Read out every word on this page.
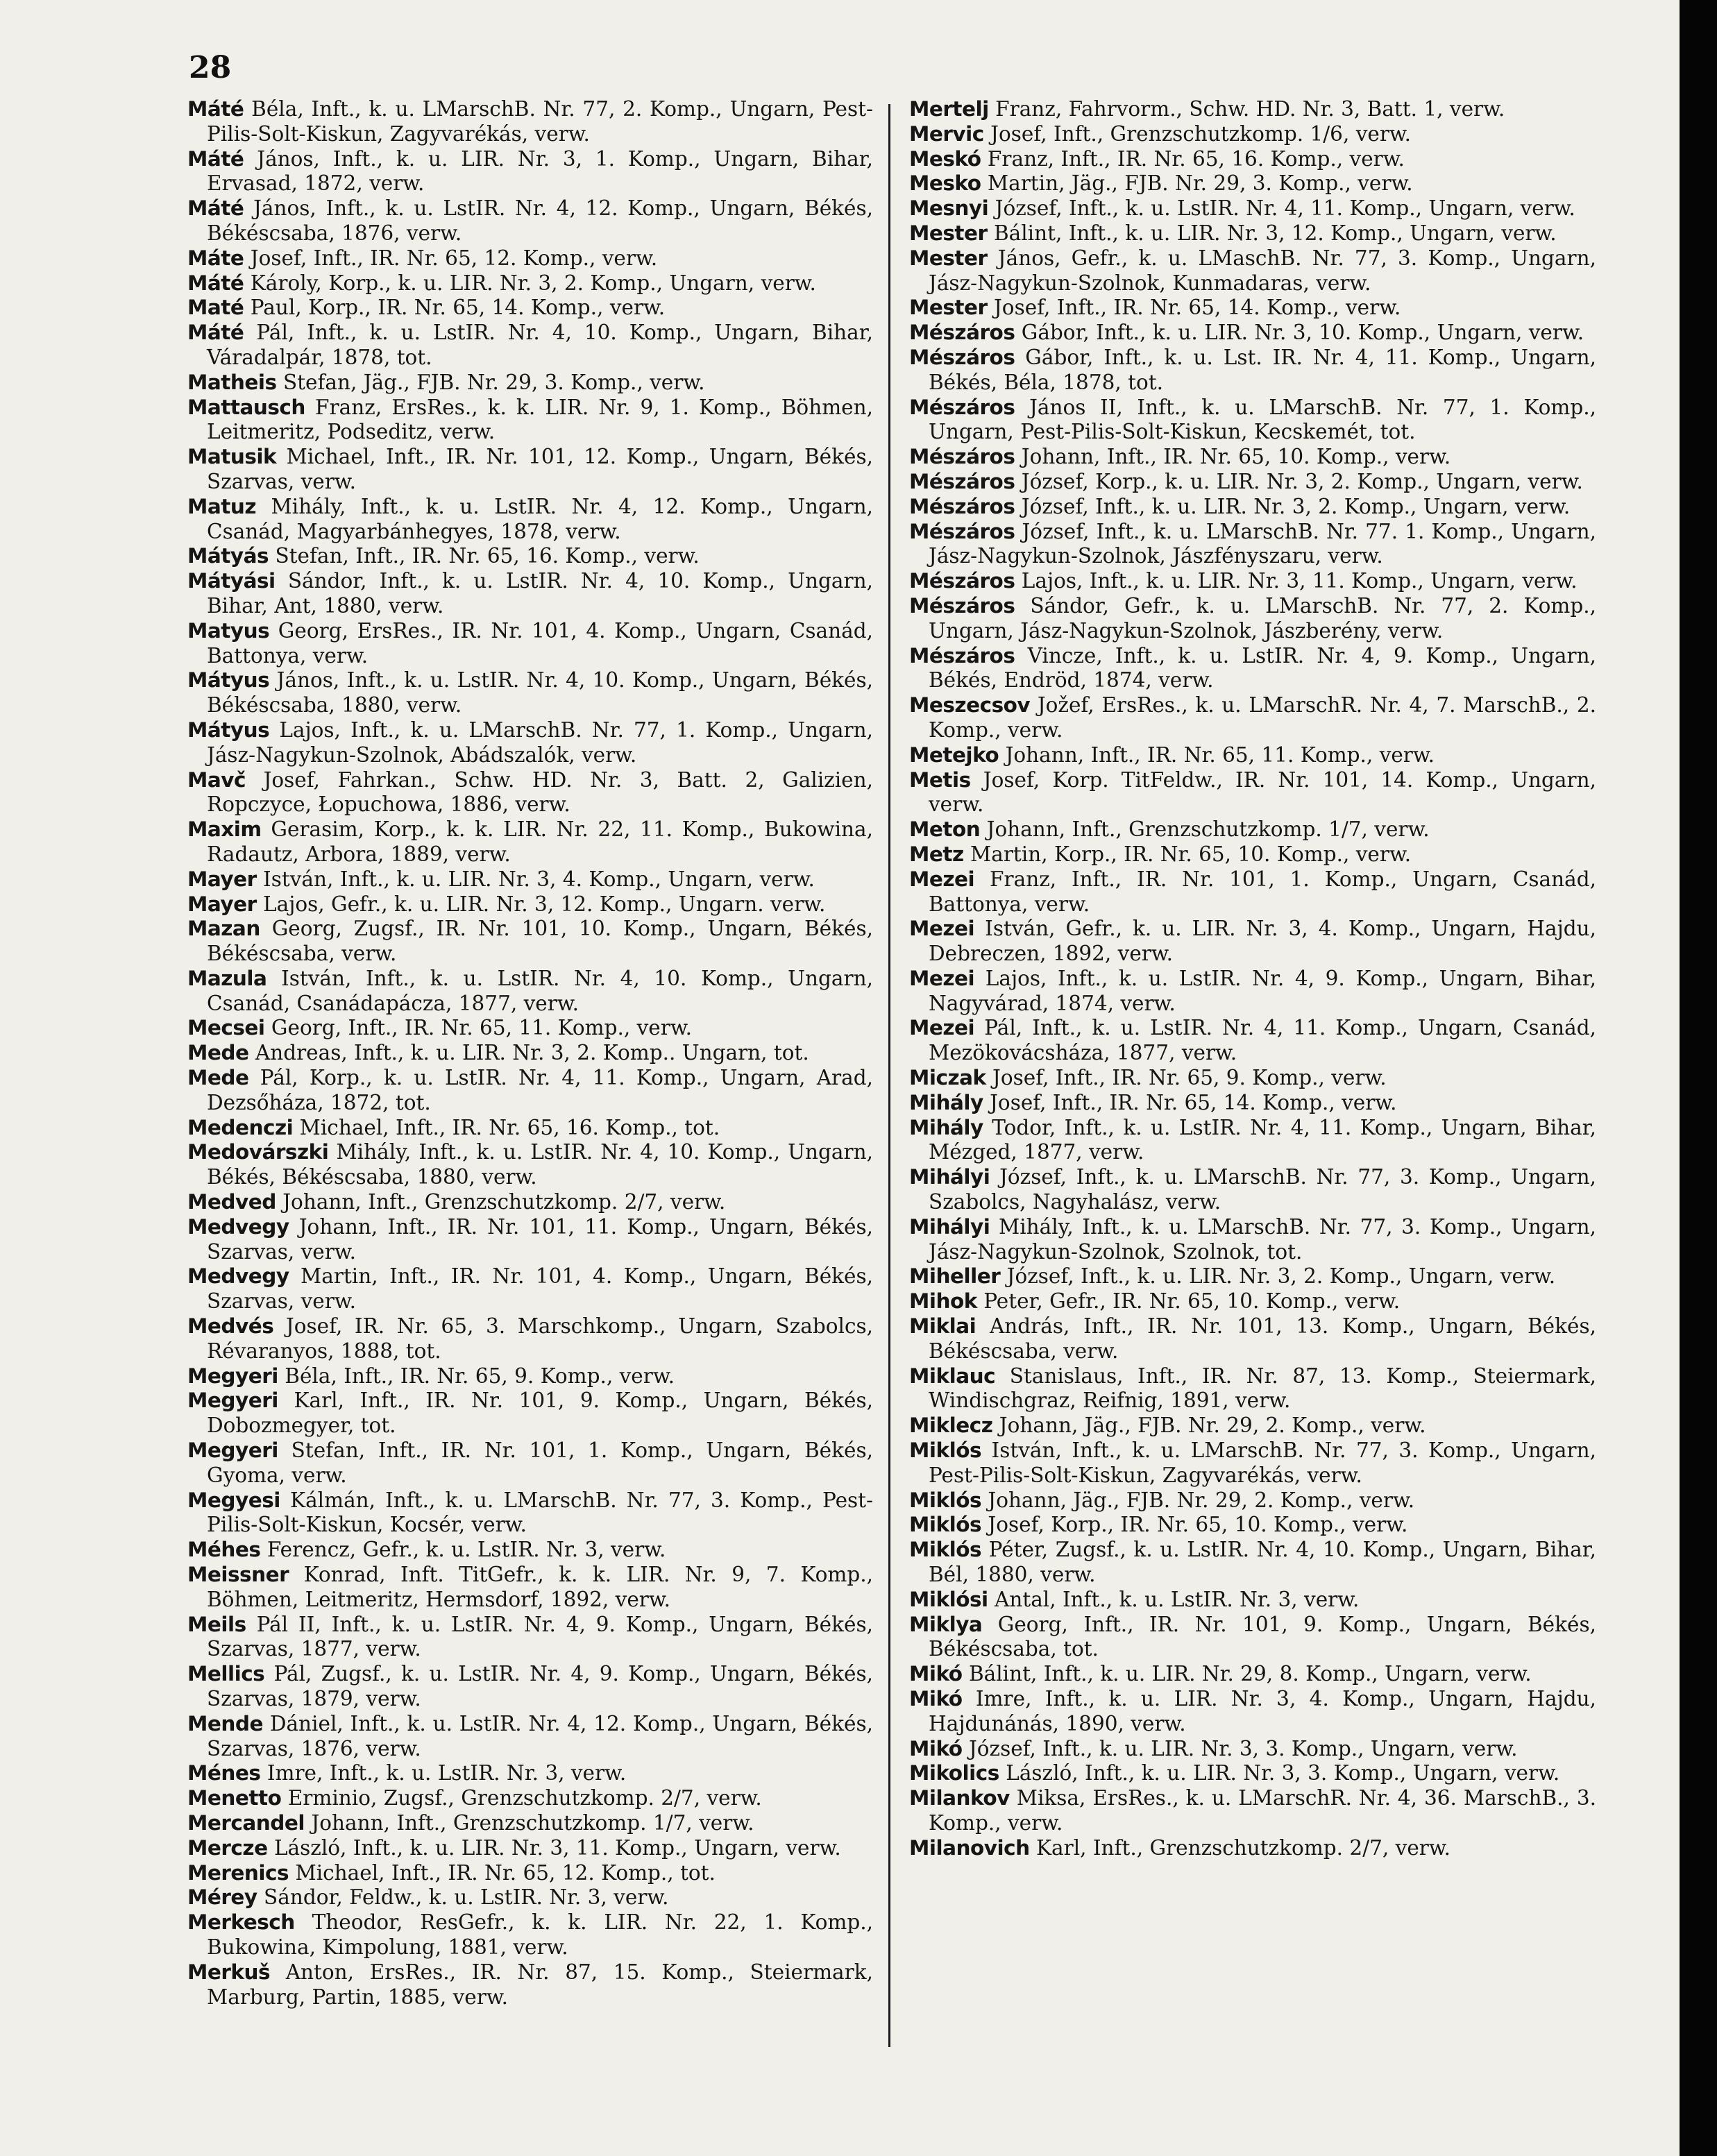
28
Máté Béla, Inft., k. u. LMarschB. Nr. 77, 2. Komp., Ungarn, Pest-Pilis-Solt-Kiskun, Zagyvarékás, verw.
Máté János, Inft., k. u. LIR. Nr. 3, 1. Komp., Ungarn, Bihar, Ervasad, 1872, verw.
Máté János, Inft., k. u. LstIR. Nr. 4, 12. Komp., Ungarn, Békés, Békéscsaba, 1876, verw.
Máte Josef, Inft., IR. Nr. 65, 12. Komp., verw.
Máté Károly, Korp., k. u. LIR. Nr. 3, 2. Komp., Ungarn, verw.
Maté Paul, Korp., IR. Nr. 65, 14. Komp., verw.
Máté Pál, Inft., k. u. LstIR. Nr. 4, 10. Komp., Ungarn, Bihar, Váradalpár, 1878, tot.
Matheis Stefan, Jäg., FJB. Nr. 29, 3. Komp., verw.
Mattausch Franz, ErsRes., k. k. LIR. Nr. 9, 1. Komp., Böhmen, Leitmeritz, Podseditz, verw.
Matusik Michael, Inft., IR. Nr. 101, 12. Komp., Ungarn, Békés, Szarvas, verw.
Matuz Mihály, Inft., k. u. LstIR. Nr. 4, 12. Komp., Ungarn, Csanád, Magyarbánhegyes, 1878, verw.
Mátyás Stefan, Inft., IR. Nr. 65, 16. Komp., verw.
Mátyási Sándor, Inft., k. u. LstIR. Nr. 4, 10. Komp., Ungarn, Bihar, Ant, 1880, verw.
Matyus Georg, ErsRes., IR. Nr. 101, 4. Komp., Ungarn, Csanád, Battonya, verw.
Mátyus János, Inft., k. u. LstIR. Nr. 4, 10. Komp., Ungarn, Békés, Békéscsaba, 1880, verw.
Mátyus Lajos, Inft., k. u. LMarschB. Nr. 77, 1. Komp., Ungarn, Jász-Nagykun-Szolnok, Abádszalók, verw.
Mavč Josef, Fahrkan., Schw. HD. Nr. 3, Batt. 2, Galizien, Ropczyce, Łopuchowa, 1886, verw.
Maxim Gerasim, Korp., k. k. LIR. Nr. 22, 11. Komp., Bukowina, Radautz, Arbora, 1889, verw.
Mayer István, Inft., k. u. LIR. Nr. 3, 4. Komp., Ungarn, verw.
Mayer Lajos, Gefr., k. u. LIR. Nr. 3, 12. Komp., Ungarn. verw.
Mazan Georg, Zugsf., IR. Nr. 101, 10. Komp., Ungarn, Békés, Békéscsaba, verw.
Mazula István, Inft., k. u. LstIR. Nr. 4, 10. Komp., Ungarn, Csanád, Csanádapácza, 1877, verw.
Mecsei Georg, Inft., IR. Nr. 65, 11. Komp., verw.
Mede Andreas, Inft., k. u. LIR. Nr. 3, 2. Komp.. Ungarn, tot.
Mede Pál, Korp., k. u. LstIR. Nr. 4, 11. Komp., Ungarn, Arad, Dezsőháza, 1872, tot.
Medenczi Michael, Inft., IR. Nr. 65, 16. Komp., tot.
Medovárszki Mihály, Inft., k. u. LstIR. Nr. 4, 10. Komp., Ungarn, Békés, Békéscsaba, 1880, verw.
Medved Johann, Inft., Grenzschutzkomp. 2/7, verw.
Medvegy Johann, Inft., IR. Nr. 101, 11. Komp., Ungarn, Békés, Szarvas, verw.
Medvegy Martin, Inft., IR. Nr. 101, 4. Komp., Ungarn, Békés, Szarvas, verw.
Medvés Josef, IR. Nr. 65, 3. Marschkomp., Ungarn, Szabolcs, Révaranyos, 1888, tot.
Megyeri Béla, Inft., IR. Nr. 65, 9. Komp., verw.
Megyeri Karl, Inft., IR. Nr. 101, 9. Komp., Ungarn, Békés, Dobozmegyer, tot.
Megyeri Stefan, Inft., IR. Nr. 101, 1. Komp., Ungarn, Békés, Gyoma, verw.
Megyesi Kálmán, Inft., k. u. LMarschB. Nr. 77, 3. Komp., Pest-Pilis-Solt-Kiskun, Kocsér, verw.
Méhes Ferencz, Gefr., k. u. LstIR. Nr. 3, verw.
Meissner Konrad, Inft. TitGefr., k. k. LIR. Nr. 9, 7. Komp., Böhmen, Leitmeritz, Hermsdorf, 1892, verw.
Meils Pál II, Inft., k. u. LstIR. Nr. 4, 9. Komp., Ungarn, Békés, Szarvas, 1877, verw.
Mellics Pál, Zugsf., k. u. LstIR. Nr. 4, 9. Komp., Ungarn, Békés, Szarvas, 1879, verw.
Mende Dániel, Inft., k. u. LstIR. Nr. 4, 12. Komp., Ungarn, Békés, Szarvas, 1876, verw.
Ménes Imre, Inft., k. u. LstIR. Nr. 3, verw.
Menetto Erminio, Zugsf., Grenzschutzkomp. 2/7, verw.
Mercandel Johann, Inft., Grenzschutzkomp. 1/7, verw.
Mercze László, Inft., k. u. LIR. Nr. 3, 11. Komp., Ungarn, verw.
Merenics Michael, Inft., IR. Nr. 65, 12. Komp., tot.
Mérey Sándor, Feldw., k. u. LstIR. Nr. 3, verw.
Merkesch Theodor, ResGefr., k. k. LIR. Nr. 22, 1. Komp., Bukowina, Kimpolung, 1881, verw.
Merkuš Anton, ErsRes., IR. Nr. 87, 15. Komp., Steiermark, Marburg, Partin, 1885, verw.
Mertelj Franz, Fahrvorm., Schw. HD. Nr. 3, Batt. 1, verw.
Mervic Josef, Inft., Grenzschutzkomp. 1/6, verw.
Meskó Franz, Inft., IR. Nr. 65, 16. Komp., verw.
Mesko Martin, Jäg., FJB. Nr. 29, 3. Komp., verw.
Mesnyi József, Inft., k. u. LstIR. Nr. 4, 11. Komp., Ungarn, verw.
Mester Bálint, Inft., k. u. LIR. Nr. 3, 12. Komp., Ungarn, verw.
Mester János, Gefr., k. u. LMaschB. Nr. 77, 3. Komp., Ungarn, Jász-Nagykun-Szolnok, Kunmadaras, verw.
Mester Josef, Inft., IR. Nr. 65, 14. Komp., verw.
Mészáros Gábor, Inft., k. u. LIR. Nr. 3, 10. Komp., Ungarn, verw.
Mészáros Gábor, Inft., k. u. Lst. IR. Nr. 4, 11. Komp., Ungarn, Békés, Béla, 1878, tot.
Mészáros János II, Inft., k. u. LMarschB. Nr. 77, 1. Komp., Ungarn, Pest-Pilis-Solt-Kiskun, Kecskemét, tot.
Mészáros Johann, Inft., IR. Nr. 65, 10. Komp., verw.
Mészáros József, Korp., k. u. LIR. Nr. 3, 2. Komp., Ungarn, verw.
Mészáros József, Inft., k. u. LIR. Nr. 3, 2. Komp., Ungarn, verw.
Mészáros József, Inft., k. u. LMarschB. Nr. 77. 1. Komp., Ungarn, Jász-Nagykun-Szolnok, Jászfényszaru, verw.
Mészáros Lajos, Inft., k. u. LIR. Nr. 3, 11. Komp., Ungarn, verw.
Mészáros Sándor, Gefr., k. u. LMarschB. Nr. 77, 2. Komp., Ungarn, Jász-Nagykun-Szolnok, Jászberény, verw.
Mészáros Vincze, Inft., k. u. LstIR. Nr. 4, 9. Komp., Ungarn, Békés, Endröd, 1874, verw.
Meszecsov Jožef, ErsRes., k. u. LMarschR. Nr. 4, 7. MarschB., 2. Komp., verw.
Metejko Johann, Inft., IR. Nr. 65, 11. Komp., verw.
Metis Josef, Korp. TitFeldw., IR. Nr. 101, 14. Komp., Ungarn, verw.
Meton Johann, Inft., Grenzschutzkomp. 1/7, verw.
Metz Martin, Korp., IR. Nr. 65, 10. Komp., verw.
Mezei Franz, Inft., IR. Nr. 101, 1. Komp., Ungarn, Csanád, Battonya, verw.
Mezei István, Gefr., k. u. LIR. Nr. 3, 4. Komp., Ungarn, Hajdu, Debreczen, 1892, verw.
Mezei Lajos, Inft., k. u. LstIR. Nr. 4, 9. Komp., Ungarn, Bihar, Nagyvárad, 1874, verw.
Mezei Pál, Inft., k. u. LstIR. Nr. 4, 11. Komp., Ungarn, Csanád, Mezökovácsháza, 1877, verw.
Miczak Josef, Inft., IR. Nr. 65, 9. Komp., verw.
Mihály Josef, Inft., IR. Nr. 65, 14. Komp., verw.
Mihály Todor, Inft., k. u. LstIR. Nr. 4, 11. Komp., Ungarn, Bihar, Mézged, 1877, verw.
Mihályi József, Inft., k. u. LMarschB. Nr. 77, 3. Komp., Ungarn, Szabolcs, Nagyhalász, verw.
Mihályi Mihály, Inft., k. u. LMarschB. Nr. 77, 3. Komp., Ungarn, Jász-Nagykun-Szolnok, Szolnok, tot.
Miheller József, Inft., k. u. LIR. Nr. 3, 2. Komp., Ungarn, verw.
Mihok Peter, Gefr., IR. Nr. 65, 10. Komp., verw.
Miklai András, Inft., IR. Nr. 101, 13. Komp., Ungarn, Békés, Békéscsaba, verw.
Miklauc Stanislaus, Inft., IR. Nr. 87, 13. Komp., Steiermark, Windischgraz, Reifnig, 1891, verw.
Miklecz Johann, Jäg., FJB. Nr. 29, 2. Komp., verw.
Miklós István, Inft., k. u. LMarschB. Nr. 77, 3. Komp., Ungarn, Pest-Pilis-Solt-Kiskun, Zagyvarékás, verw.
Miklós Johann, Jäg., FJB. Nr. 29, 2. Komp., verw.
Miklós Josef, Korp., IR. Nr. 65, 10. Komp., verw.
Miklós Péter, Zugsf., k. u. LstIR. Nr. 4, 10. Komp., Ungarn, Bihar, Bél, 1880, verw.
Miklósi Antal, Inft., k. u. LstIR. Nr. 3, verw.
Miklya Georg, Inft., IR. Nr. 101, 9. Komp., Ungarn, Békés, Békéscsaba, tot.
Mikó Bálint, Inft., k. u. LIR. Nr. 29, 8. Komp., Ungarn, verw.
Mikó Imre, Inft., k. u. LIR. Nr. 3, 4. Komp., Ungarn, Hajdu, Hajdunánás, 1890, verw.
Mikó József, Inft., k. u. LIR. Nr. 3, 3. Komp., Ungarn, verw.
Mikolics László, Inft., k. u. LIR. Nr. 3, 3. Komp., Ungarn, verw.
Milankov Miksa, ErsRes., k. u. LMarschR. Nr. 4, 36. MarschB., 3. Komp., verw.
Milanovich Karl, Inft., Grenzschutzkomp. 2/7, verw.
